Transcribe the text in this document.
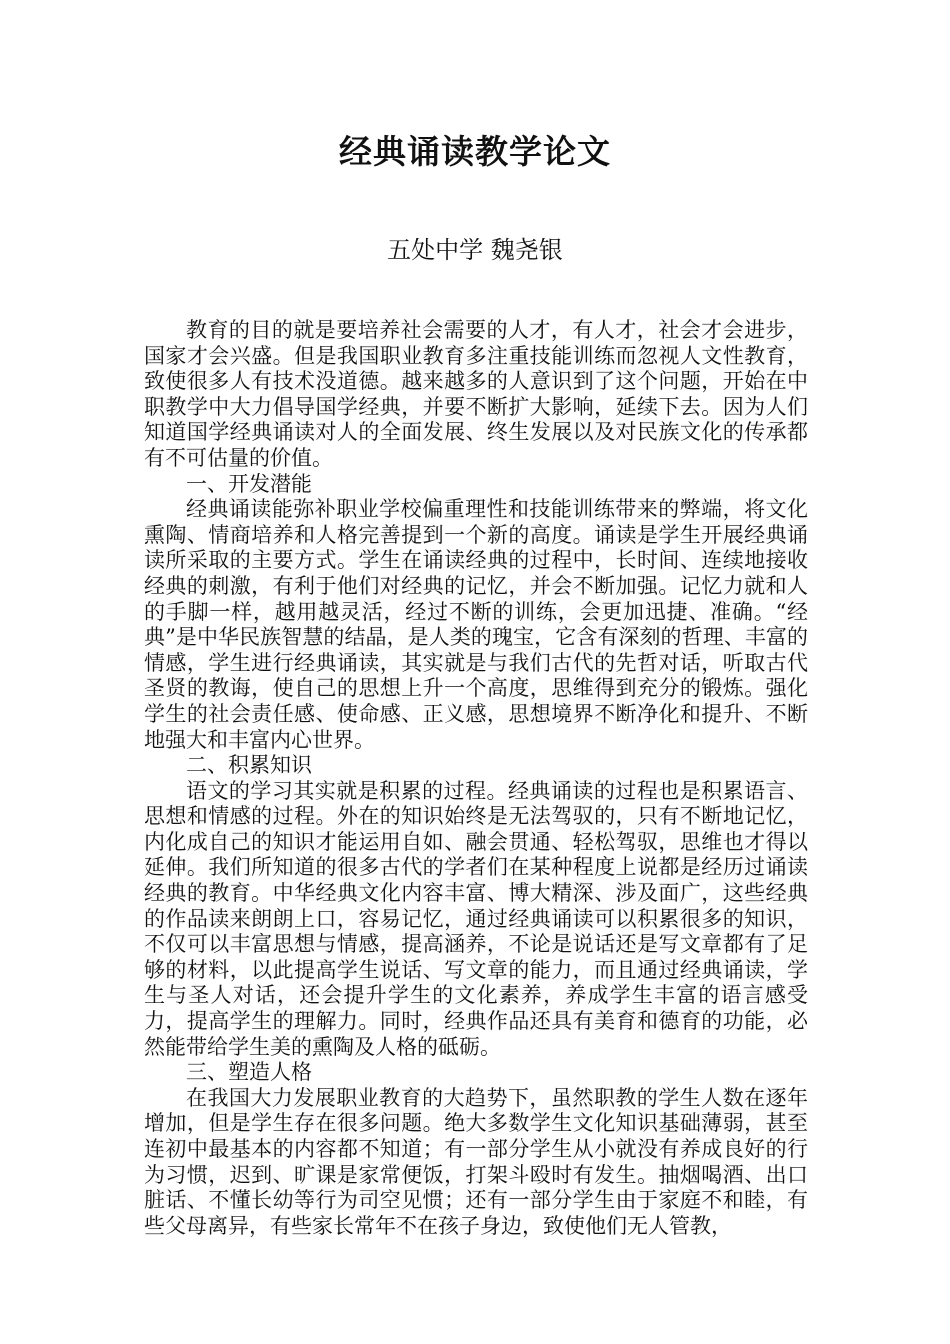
经典诵读教学论文
五处中学 魏尧银

教育的目的就是要培养社会需要的人才，有人才，社会才会进步，国家才会兴盛。但是我国职业教育多注重技能训练而忽视人文性教育，致使很多人有技术没道德。越来越多的人意识到了这个问题，开始在中职教学中大力倡导国学经典，并要不断扩大影响，延续下去。因为人们知道国学经典诵读对人的全面发展、终生发展以及对民族文化的传承都有不可估量的价值。

一、开发潜能

经典诵读能弥补职业学校偏重理性和技能训练带来的弊端，将文化熏陶、情商培养和人格完善提到一个新的高度。诵读是学生开展经典诵读所采取的主要方式。学生在诵读经典的过程中，长时间、连续地接收经典的刺激，有利于他们对经典的记忆，并会不断加强。记忆力就和人的手脚一样，越用越灵活，经过不断的训练，会更加迅捷、准确。“经典”是中华民族智慧的结晶，是人类的瑰宝，它含有深刻的哲理、丰富的情感，学生进行经典诵读，其实就是与我们古代的先哲对话，听取古代圣贤的教诲，使自己的思想上升一个高度，思维得到充分的锻炼。强化学生的社会责任感、使命感、正义感，思想境界不断净化和提升、不断地强大和丰富内心世界。

二、积累知识

语文的学习其实就是积累的过程。经典诵读的过程也是积累语言、思想和情感的过程。外在的知识始终是无法驾驭的，只有不断地记忆，内化成自己的知识才能运用自如、融会贯通、轻松驾驭，思维也才得以延伸。我们所知道的很多古代的学者们在某种程度上说都是经历过诵读经典的教育。中华经典文化内容丰富、博大精深、涉及面广，这些经典的作品读来朗朗上口，容易记忆，通过经典诵读可以积累很多的知识，不仅可以丰富思想与情感，提高涵养，不论是说话还是写文章都有了足够的材料，以此提高学生说话、写文章的能力，而且通过经典诵读，学生与圣人对话，还会提升学生的文化素养，养成学生丰富的语言感受力，提高学生的理解力。同时，经典作品还具有美育和德育的功能，必然能带给学生美的熏陶及人格的砥砺。

三、塑造人格

在我国大力发展职业教育的大趋势下，虽然职教的学生人数在逐年增加，但是学生存在很多问题。绝大多数学生文化知识基础薄弱，甚至连初中最基本的内容都不知道；有一部分学生从小就没有养成良好的行为习惯，迟到、旷课是家常便饭，打架斗殴时有发生。抽烟喝酒、出口脏话、不懂长幼等行为司空见惯；还有一部分学生由于家庭不和睦，有些父母离异，有些家长常年不在孩子身边，致使他们无人管教，
